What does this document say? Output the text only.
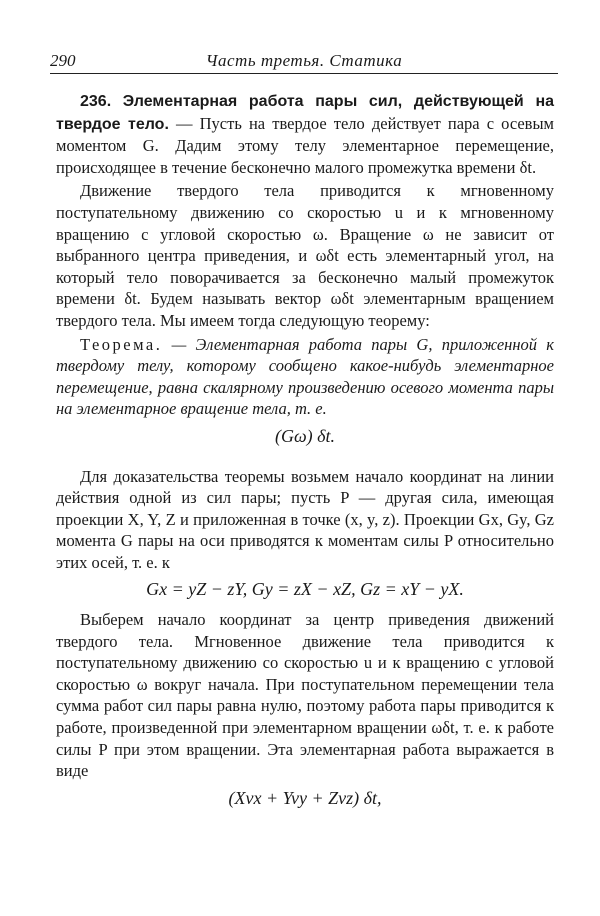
290	Часть третья. Статика

236. Элементарная работа пары сил, действующей на твердое тело. — Пусть на твердое тело действует пара с осевым моментом G. Дадим этому телу элементарное перемещение, происходящее в течение бесконечно малого промежутка времени δt.

Движение твердого тела приводится к мгновенному поступательному движению со скоростью u и к мгновенному вращению с угловой скоростью ω. Вращение ω не зависит от выбранного центра приведения, и ωδt есть элементарный угол, на который тело поворачивается за бесконечно малый промежуток времени δt. Будем называть вектор ωδt элементарным вращением твердого тела. Мы имеем тогда следующую теорему:

Теорема. — Элементарная работа пары G, приложенной к твердому телу, которому сообщено какое-нибудь элементарное перемещение, равна скалярному произведению осевого момента пары на элементарное вращение тела, т. е.

(Gω) δt.

Для доказательства теоремы возьмем начало координат на линии действия одной из сил пары; пусть P — другая сила, имеющая проекции X, Y, Z и приложенная в точке (x, y, z). Проекции Gx, Gy, Gz момента G пары на оси приводятся к моментам силы P относительно этих осей, т. е. к

Gx = yZ − zY, Gy = zX − xZ, Gz = xY − yX.

Выберем начало координат за центр приведения движений твердого тела. Мгновенное движение тела приводится к поступательному движению со скоростью u и к вращению с угловой скоростью ω вокруг начала. При поступательном перемещении тела сумма работ сил пары равна нулю, поэтому работа пары приводится к работе, произведенной при элементарном вращении ωδt, т. е. к работе силы P при этом вращении. Эта элементарная работа выражается в виде

(Xvx + Yvy + Zvz) δt,
